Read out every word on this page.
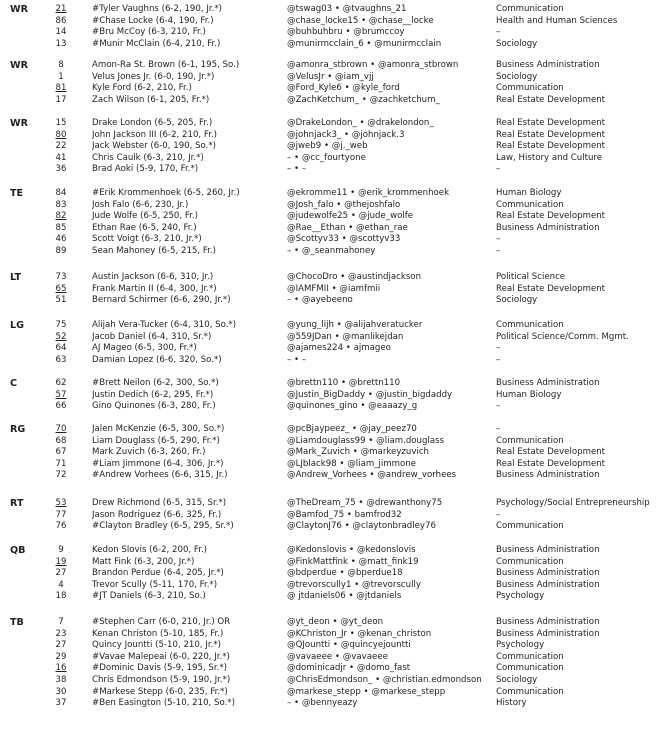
WR	21	#Tyler Vaughns (6-2, 190, Jr.*)	@tswag03 • @tvaughns_21	Communication
86	#Chase Locke (6-4, 190, Fr.)	@chase_locke15 • @chase__locke	Health and Human Sciences
14	#Bru McCoy (6-3, 210, Fr.)	@buhbuhbru • @brumccoy	–
13	#Munir McClain (6-4, 210, Fr.)	@munirmcclain_6 • @munirmcclain	Sociology
WR	8	Amon-Ra St. Brown (6-1, 195, So.)	@amonra_stbrown • @amonra_stbrown	Business Administration
1	Velus Jones Jr. (6-0, 190, Jr.*)	@VelusJr • @iam_vjj	Sociology
81	Kyle Ford (6-2, 210, Fr.)	@Ford_Kyle6 • @kyle_ford	Communication
17	Zach Wilson (6-1, 205, Fr.*)	@ZachKetchum_ • @zachketchum_	Real Estate Development
WR	15	Drake London (6-5, 205, Fr.)	@DrakeLondon_ • @drakelondon_	Real Estate Development
80	John Jackson III (6-2, 210, Fr.)	@johnjack3_ • @johnjack.3	Real Estate Development
22	Jack Webster (6-0, 190, So.*)	@jweb9 • @j._web	Real Estate Development
41	Chris Caulk (6-3, 210, Jr.*)	– • @cc_fourtyone	Law, History and Culture
36	Brad Aoki (5-9, 170, Fr.*)	– • –	–
TE	84	#Erik Krommenhoek (6-5, 260, Jr.)	@ekromme11 • @erik_krommenhoek	Human Biology
83	Josh Falo (6-6, 230, Jr.)	@Josh_falo • @thejoshfalo	Communication
82	Jude Wolfe (6-5, 250, Fr.)	@judewolfe25 • @jude_wolfe	Real Estate Development
85	Ethan Rae (6-5, 240, Fr.)	@Rae__Ethan • @ethan_rae	Business Administration
46	Scott Voigt (6-3, 210, Jr.*)	@Scottyv33 • @scottyv33	–
89	Sean Mahoney (6-5, 215, Fr.)	– • @_seanmahoney	–
LT	73	Austin Jackson (6-6, 310, Jr.)	@ChocoDro • @austindjackson	Political Science
65	Frank Martin II (6-4, 300, Jr.*)	@IAMFMII • @iamfmii	Real Estate Development
51	Bernard Schirmer (6-6, 290, Jr.*)	– • @ayebeeno	Sociology
LG	75	Alijah Vera-Tucker (6-4, 310, So.*)	@yung_lijh • @alijahveratucker	Communication
52	Jacob Daniel (6-4, 310, Sr.*)	@559JDan • @manlikejdan	Political Science/Comm. Mgmt.
64	AJ Mageo (6-5, 300, Fr.*)	@ajames224 • ajmageo	–
63	Damian Lopez (6-6, 320, So.*)	– • –	–
C	62	#Brett Neilon (6-2, 300, So.*)	@brettn110 • @brettn110	Business Administration
57	Justin Dedich (6-2, 295, Fr.*)	@Justin_BigDaddy • @justin_bigdaddy	Human Biology
66	Gino Quinones (6-3, 280, Fr.)	@quinones_gino • @eaaazy_g	–
RG	70	Jalen McKenzie (6-5, 300, So.*)	@pcBjaypeez_ • @jay_peez70	–
68	Liam Douglass (6-5, 290, Fr.*)	@Liamdouglass99 • @liam.douglass	Communication
67	Mark Zuvich (6-3, 260, Fr.)	@Mark_Zuvich • @markeyzuvich	Real Estate Development
71	#Liam Jimmone (6-4, 306, Jr.*)	@LJblack98 • @liam_jimmone	Real Estate Development
72	#Andrew Vorhees (6-6, 315, Jr.)	@Andrew_Vorhees • @andrew_vorhees	Business Administration
RT	53	Drew Richmond (6-5, 315, Sr.*)	@TheDream_75 • @drewanthony75	Psychology/Social Entrepreneurship
77	Jason Rodriguez (6-6, 325, Fr.)	@Bamfod_75 • bamfrod32	–
76	#Clayton Bradley (6-5, 295, Sr.*)	@ClaytonJ76 • @claytonbradley76	Communication
QB	9	Kedon Slovis (6-2, 200, Fr.)	@Kedonslovis • @kedonslovis	Business Administration
19	Matt Fink (6-3, 200, Jr.*)	@FinkMattfink • @matt_fink19	Communication
27	Brandon Perdue (6-4, 205, Jr.*)	@bdperdue • @bperdue18	Business Administration
4	Trevor Scully (5-11, 170, Fr.*)	@trevorscully1 • @trevorscully	Business Administration
18	#JT Daniels (6-3, 210, So.)	@ jtdaniels06 • @jtdaniels	Psychology
TB	7	#Stephen Carr (6-0, 210, Jr.) OR	@yt_deon • @yt_deon	Business Administration
23	Kenan Christon (5-10, 185, Fr.)	@KChriston_Jr • @kenan_christon	Business Administration
27	Quincy Jountti (5-10, 210, Jr.*)	@QJountti • @quincyejountti	Psychology
29	#Vavae Malepeai (6-0, 220, Jr.*)	@vavaeee • @vavaeee	Communication
16	#Dominic Davis (5-9, 195, Sr.*)	@dominicadjr • @domo_fast	Communication
38	Chris Edmondson (5-9, 190, Jr.*)	@ChrisEdmondson_ • @christian.edmondson	Sociology
30	#Markese Stepp (6-0, 235, Fr.*)	@markese_stepp • @markese_stepp	Communication
37	#Ben Easington (5-10, 210, So.*)	– • @bennyeazy	History
